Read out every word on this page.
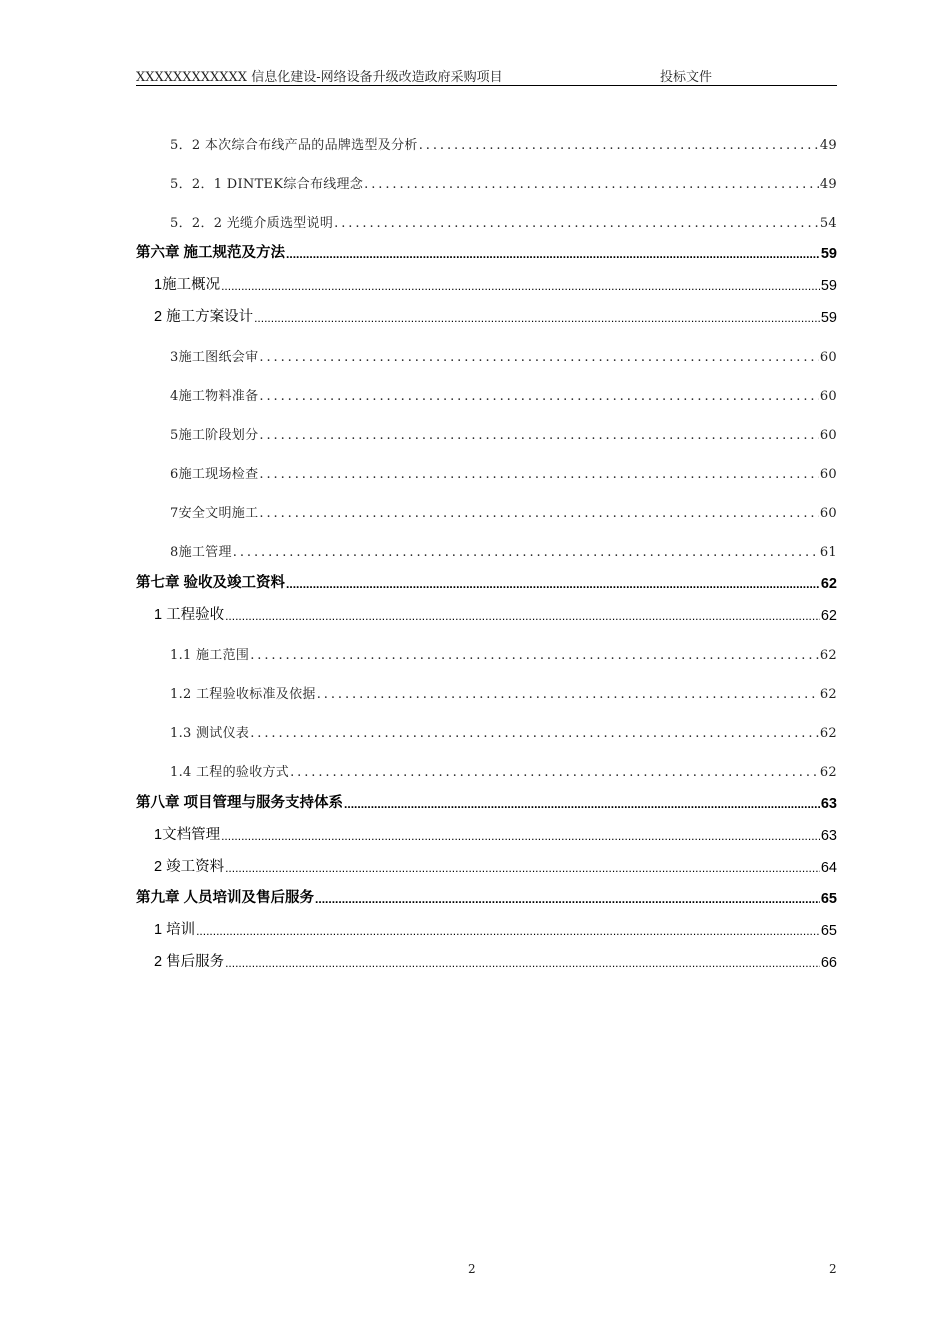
XXXXXXXXXXXX 信息化建设-网络设备升级改造政府采购项目	投标文件
5．2 本次综合布线产品的品牌选型及分析 . . .	49
5．2．1 DINTEK综合布线理念 . . .	49
5．2．2 光缆介质选型说明 . . .	54
第六章 施工规范及方法 .....	59
1施工概况 .....	59
2 施工方案设计 .....	59
3施工图纸会审 . . .	60
4施工物料准备 . . .	60
5施工阶段划分 . . .	60
6施工现场检查 . . .	60
7安全文明施工 . . .	60
8施工管理 . . .	61
第七章 验收及竣工资料 .....	62
1 工程验收 .....	62
1.1 施工范围 . . .	62
1.2 工程验收标准及依据 . . .	62
1.3 测试仪表 . . .	62
1.4 工程的验收方式 . . .	62
第八章 项目管理与服务支持体系 .....	63
1文档管理 .....	63
2 竣工资料 .....	64
第九章 人员培训及售后服务 .....	65
1 培训 .....	65
2 售后服务 .....	66
2	2
